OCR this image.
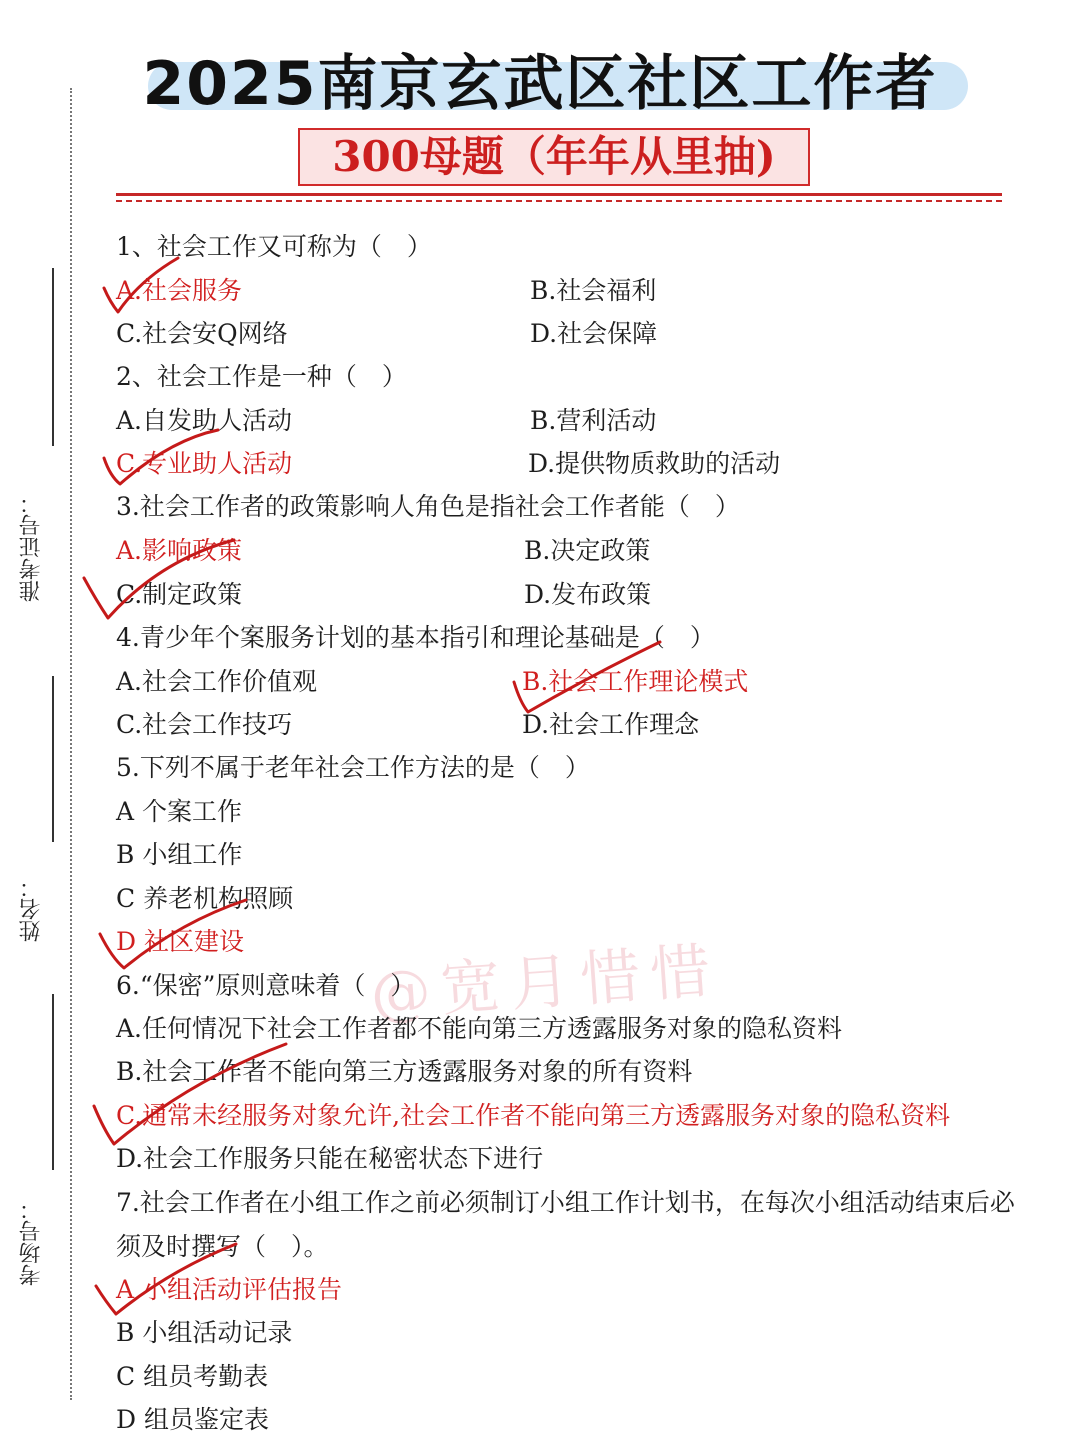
准考证号：
姓名：
考场号：
2025南京玄武区社区工作者
300母题（年年从里抽)
1、社会工作又可称为（　）
A.社会服务	B.社会福利
C.社会安Q网络	D.社会保障
2、社会工作是一种（　）
A.自发助人活动	B.营利活动
C.专业助人活动	D.提供物质救助的活动
3.社会工作者的政策影响人角色是指社会工作者能（　）
A.影响政策	B.决定政策
C.制定政策	D.发布政策
4.青少年个案服务计划的基本指引和理论基础是（　）
A.社会工作价值观	B.社会工作理论模式
C.社会工作技巧	D.社会工作理念
5.下列不属于老年社会工作方法的是（　）
A 个案工作
B 小组工作
C 养老机构照顾
D 社区建设 @宽月惜惜
6.“保密”原则意味着（　）
A.任何情况下社会工作者都不能向第三方透露服务对象的隐私资料
B.社会工作者不能向第三方透露服务对象的所有资料
C.通常未经服务对象允许,社会工作者不能向第三方透露服务对象的隐私资料
D.社会工作服务只能在秘密状态下进行
7.社会工作者在小组工作之前必须制订小组工作计划书，在每次小组活动结束后必
须及时撰写（　）。
A 小组活动评估报告
B 小组活动记录
C 组员考勤表
D 组员鉴定表
